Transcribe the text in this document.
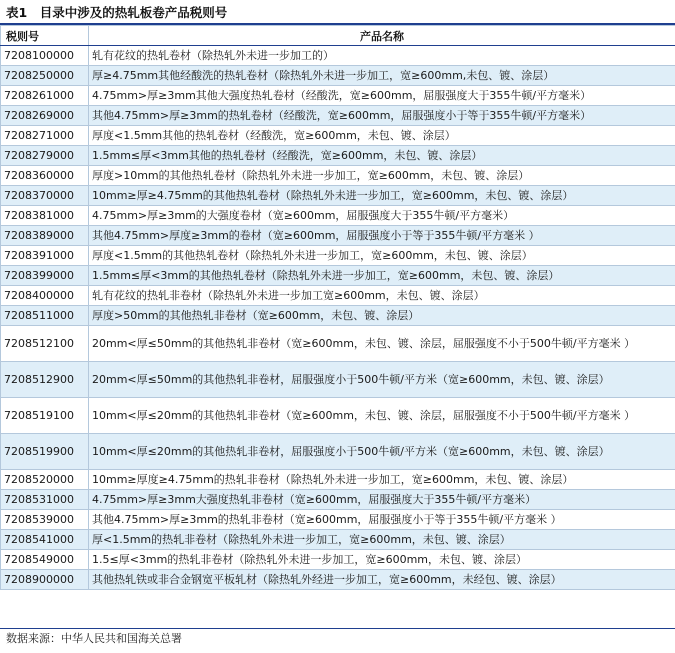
表1　目录中涉及的热轧板卷产品税则号
税则号	产品名称
7208100000	轧有花纹的热轧卷材（除热轧外未进一步加工的）
7208250000	厚≥4.75mm其他经酸洗的热轧卷材（除热轧外未进一步加工，宽≥600mm,未包、镀、涂层）
7208261000	4.75mm>厚≥3mm其他大强度热轧卷材（经酸洗，宽≥600mm，屈服强度大于355牛顿/平方毫米）
7208269000	其他4.75mm>厚≥3mm的热轧卷材（经酸洗，宽≥600mm，屈服强度小于等于355牛顿/平方毫米）
7208271000	厚度<1.5mm其他的热轧卷材（经酸洗，宽≥600mm，未包、镀、涂层）
7208279000	1.5mm≤厚<3mm其他的热轧卷材（经酸洗，宽≥600mm，未包、镀、涂层）
7208360000	厚度>10mm的其他热轧卷材（除热轧外未进一步加工，宽≥600mm，未包、镀、涂层）
7208370000	10mm≥厚≥4.75mm的其他热轧卷材（除热轧外未进一步加工，宽≥600mm，未包、镀、涂层）
7208381000	4.75mm>厚≥3mm的大强度卷材（宽≥600mm，屈服强度大于355牛顿/平方毫米）
7208389000	其他4.75mm>厚度≥3mm的卷材（宽≥600mm，屈服强度小于等于355牛顿/平方毫米 ）
7208391000	厚度<1.5mm的其他热轧卷材（除热轧外未进一步加工，宽≥600mm，未包、镀、涂层）
7208399000	1.5mm≤厚<3mm的其他热轧卷材（除热轧外未进一步加工，宽≥600mm，未包、镀、涂层）
7208400000	轧有花纹的热轧非卷材（除热轧外未进一步加工宽≥600mm，未包、镀、涂层）
7208511000	厚度>50mm的其他热轧非卷材（宽≥600mm，未包、镀、涂层）
7208512100	20mm<厚≤50mm的其他热轧非卷材（宽≥600mm，未包、镀、涂层，屈服强度不小于500牛顿/平方毫米 ）
7208512900	20mm<厚≤50mm的其他热轧非卷材，屈服强度小于500牛顿/平方米（宽≥600mm，未包、镀、涂层）
7208519100	10mm<厚≤20mm的其他热轧非卷材（宽≥600mm，未包、镀、涂层，屈服强度不小于500牛顿/平方毫米 ）
7208519900	10mm<厚≤20mm的其他热轧非卷材，屈服强度小于500牛顿/平方米（宽≥600mm，未包、镀、涂层）
7208520000	10mm≥厚度≥4.75mm的热轧非卷材（除热轧外未进一步加工，宽≥600mm，未包、镀、涂层）
7208531000	4.75mm>厚≥3mm大强度热轧非卷材（宽≥600mm，屈服强度大于355牛顿/平方毫米）
7208539000	其他4.75mm>厚≥3mm的热轧非卷材（宽≥600mm，屈服强度小于等于355牛顿/平方毫米 ）
7208541000	厚<1.5mm的热轧非卷材（除热轧外未进一步加工，宽≥600mm，未包、镀、涂层）
7208549000	1.5≤厚<3mm的热轧非卷材（除热轧外未进一步加工，宽≥600mm，未包、镀、涂层）
7208900000	其他热轧铁或非合金钢宽平板轧材（除热轧外经进一步加工，宽≥600mm，未经包、镀、涂层）
数据来源：中华人民共和国海关总署
